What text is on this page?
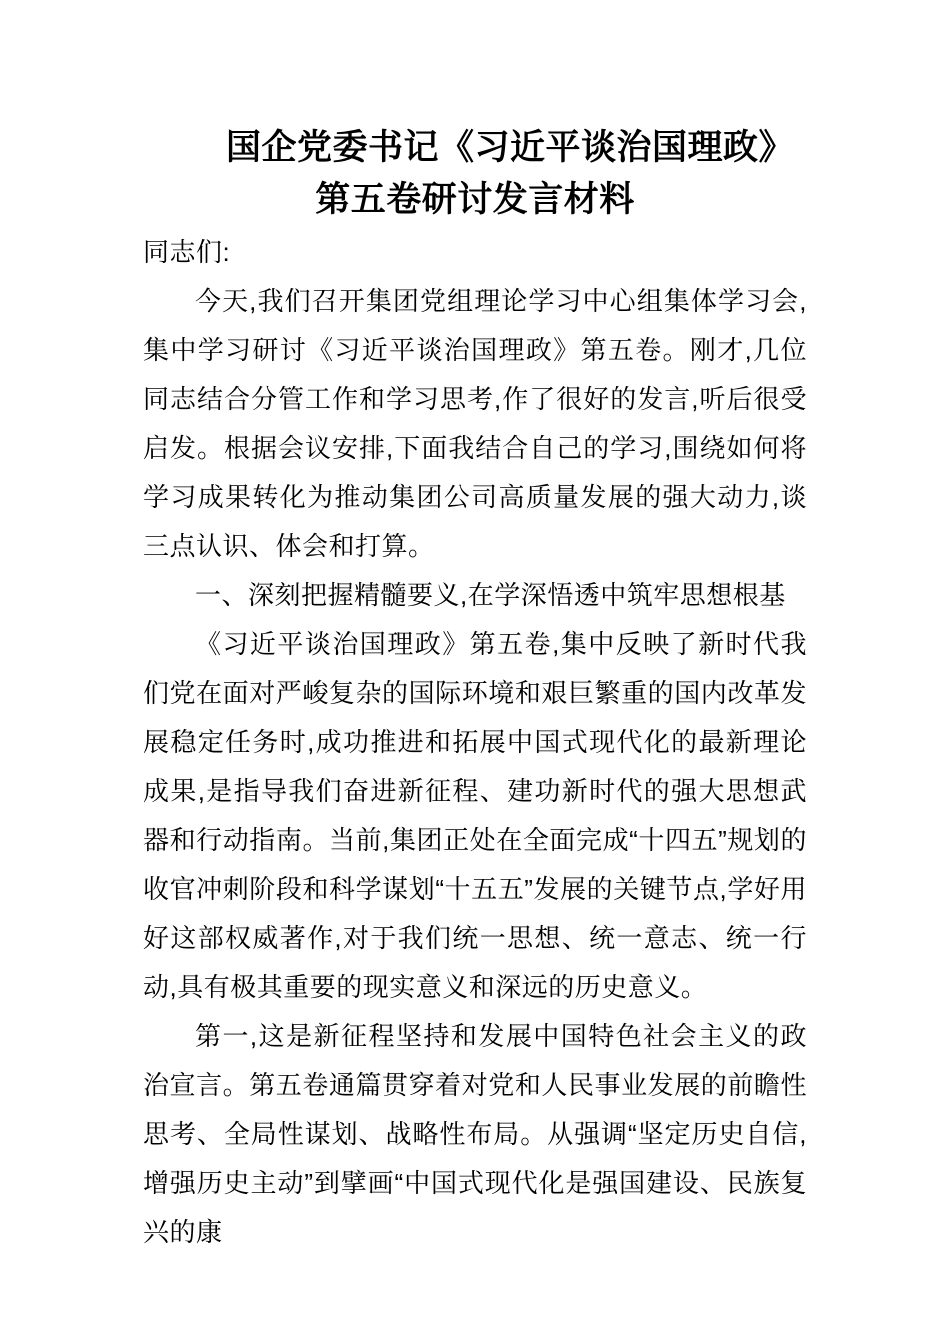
国企党委书记《习近平谈治国理政》
第五卷研讨发言材料

同志们:

今天,我们召开集团党组理论学习中心组集体学习会,集中学习研讨《习近平谈治国理政》第五卷。刚才,几位同志结合分管工作和学习思考,作了很好的发言,听后很受启发。根据会议安排,下面我结合自己的学习,围绕如何将学习成果转化为推动集团公司高质量发展的强大动力,谈三点认识、体会和打算。

一、深刻把握精髓要义,在学深悟透中筑牢思想根基

《习近平谈治国理政》第五卷,集中反映了新时代我们党在面对严峻复杂的国际环境和艰巨繁重的国内改革发展稳定任务时,成功推进和拓展中国式现代化的最新理论成果,是指导我们奋进新征程、建功新时代的强大思想武器和行动指南。当前,集团正处在全面完成“十四五”规划的收官冲刺阶段和科学谋划“十五五”发展的关键节点,学好用好这部权威著作,对于我们统一思想、统一意志、统一行动,具有极其重要的现实意义和深远的历史意义。

第一,这是新征程坚持和发展中国特色社会主义的政治宣言。第五卷通篇贯穿着对党和人民事业发展的前瞻性思考、全局性谋划、战略性布局。从强调“坚定历史自信,增强历史主动”到擘画“中国式现代化是强国建设、民族复兴的康
